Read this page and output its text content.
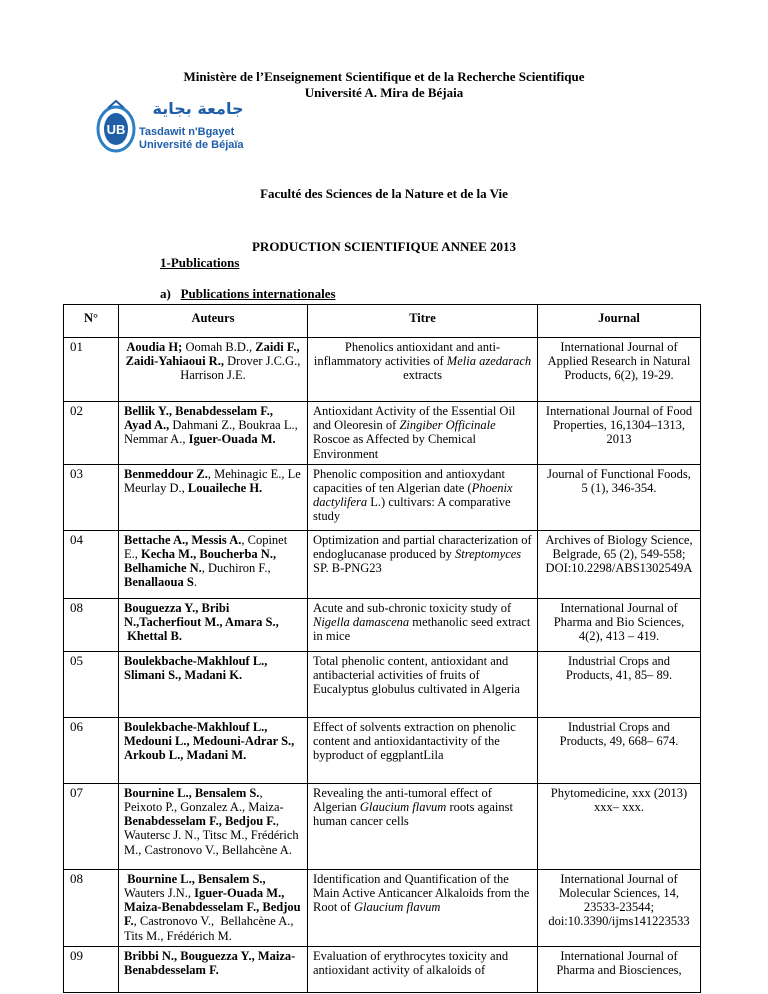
Ministère de l’Enseignement Scientifique et de la Recherche Scientifique
Université A. Mira de Béjaia
UB
جامعة بجاية
Tasdawit n'Bgayet
Université de Béjaïa
Faculté des Sciences de la Nature et de la Vie
PRODUCTION SCIENTIFIQUE ANNEE 2013
1-Publications
a) Publications internationales
N°	Auteurs	Titre	Journal
01	Aoudia H; Oomah B.D., Zaidi F., Zaidi-Yahiaoui R., Drover J.C.G., Harrison J.E.	Phenolics antioxidant and anti-inflammatory activities of Melia azedarach extracts	International Journal of Applied Research in Natural Products, 6(2), 19-29.
02	Bellik Y., Benabdesselam F., Ayad A., Dahmani Z., Boukraa L., Nemmar A., Iguer-Ouada M.	Antioxidant Activity of the Essential Oil and Oleoresin of Zingiber Officinale Roscoe as Affected by Chemical Environment	International Journal of Food Properties, 16,1304–1313, 2013
03	Benmeddour Z., Mehinagic E., Le Meurlay D., Louaileche H.	Phenolic composition and antioxydant capacities of ten Algerian date (Phoenix dactylifera L.) cultivars: A comparative study	Journal of Functional Foods, 5 (1), 346-354.
04	Bettache A., Messis A., Copinet E., Kecha M., Boucherba N., Belhamiche N., Duchiron F., Benallaoua S.	Optimization and partial characterization of endoglucanase produced by Streptomyces SP. B-PNG23	Archives of Biology Science, Belgrade, 65 (2), 549-558; DOI:10.2298/ABS1302549A
08	Bouguezza Y., Bribi N.,Tacherfiout M., Amara S.,  Khettal B.	Acute and sub-chronic toxicity study of Nigella damascena methanolic seed extract in mice	International Journal of Pharma and Bio Sciences, 4(2), 413 – 419.
05	Boulekbache-Makhlouf L., Slimani S., Madani K.	Total phenolic content, antioxidant and antibacterial activities of fruits of Eucalyptus globulus cultivated in Algeria	Industrial Crops and Products, 41, 85– 89.
06	Boulekbache-Makhlouf L., Medouni L., Medouni-Adrar S., Arkoub L., Madani M.	Effect of solvents extraction on phenolic content and antioxidantactivity of the byproduct of eggplantLila	Industrial Crops and Products, 49, 668– 674.
07	Bournine L., Bensalem S., Peixoto P., Gonzalez A., Maiza-Benabdesselam F., Bedjou F., Wautersc J. N., Titsc M., Frédérich M., Castronovo V., Bellahcène A.	Revealing the anti-tumoral effect of Algerian Glaucium flavum roots against human cancer cells	Phytomedicine, xxx (2013) xxx– xxx.
08	Bournine L., Bensalem S., Wauters J.N., Iguer-Ouada M., Maiza-Benabdesselam F., Bedjou F., Castronovo V.,  Bellahcène A., Tits M., Frédérich M.	Identification and Quantification of the Main Active Anticancer Alkaloids from the Root of Glaucium flavum	International Journal of Molecular Sciences, 14, 23533-23544; doi:10.3390/ijms141223533
09	Bribbi N., Bouguezza Y., Maiza-Benabdesselam F.	Evaluation of erythrocytes toxicity and antioxidant activity of alkaloids of	International Journal of Pharma and Biosciences,
